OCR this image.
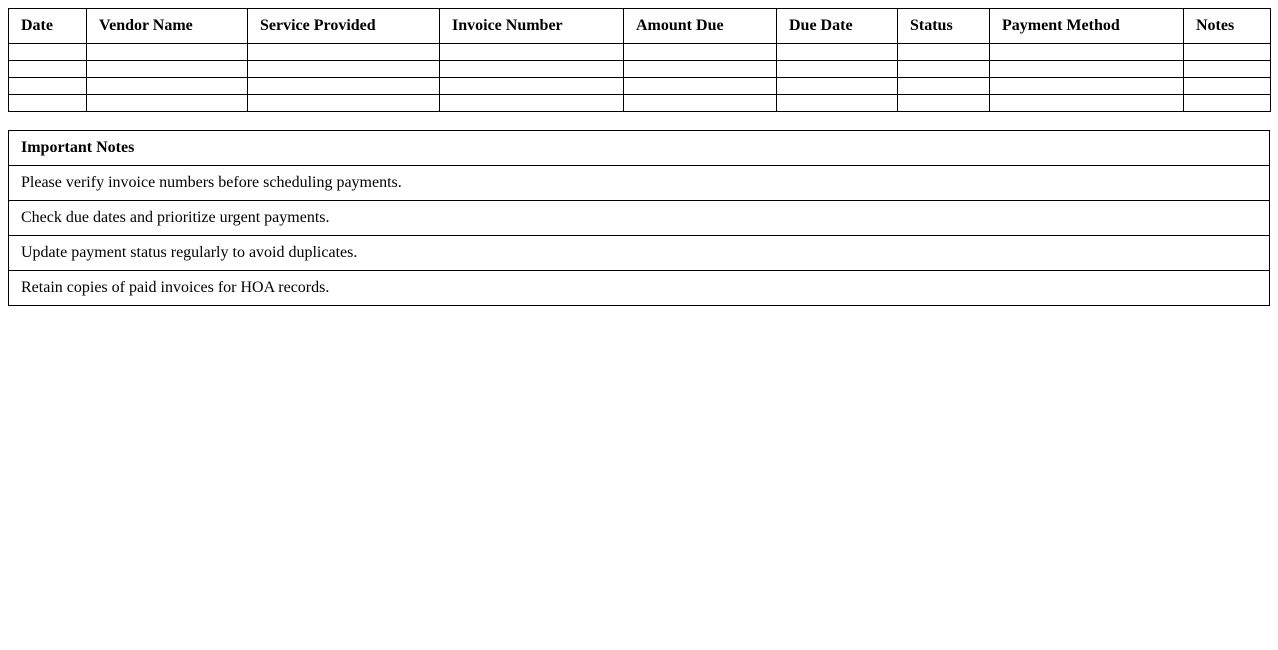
Date	Vendor Name	Service Provided	Invoice Number	Amount Due	Due Date	Status	Payment Method	Notes

Important Notes
Please verify invoice numbers before scheduling payments.
Check due dates and prioritize urgent payments.
Update payment status regularly to avoid duplicates.
Retain copies of paid invoices for HOA records.
